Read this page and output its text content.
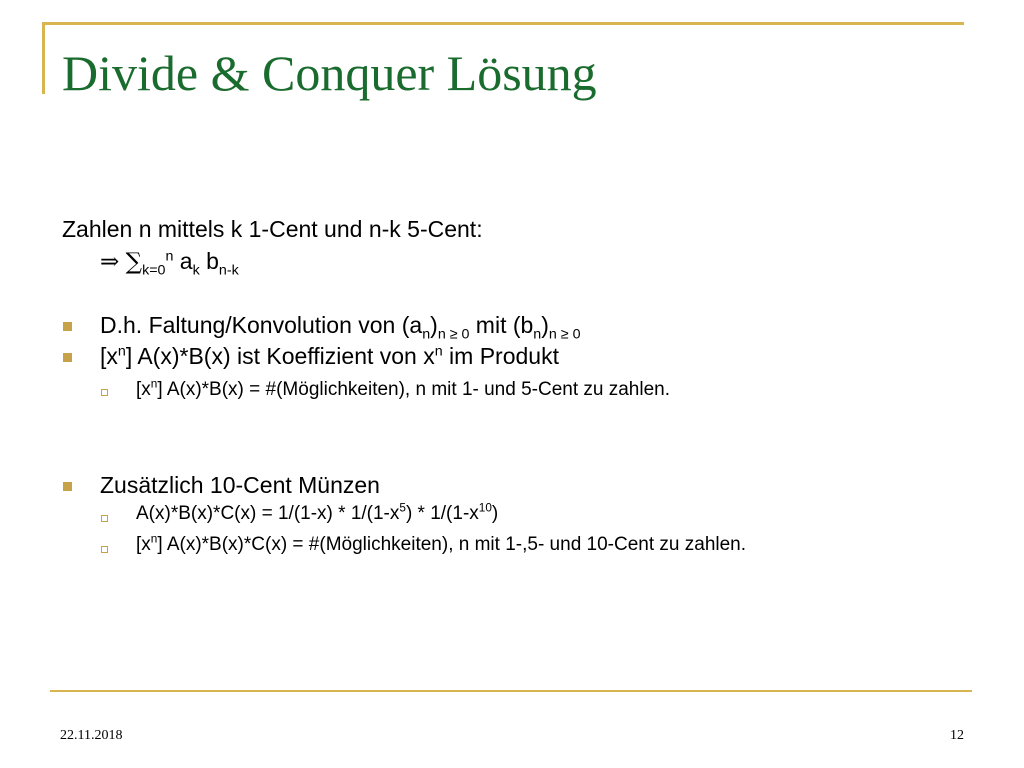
Divide & Conquer Lösung
Zahlen n mittels k 1-Cent und n-k 5-Cent:
⇒ $\sum_{k=0}^n$ $a_k$ $b_{n-k}$
D.h. Faltung/Konvolution von $(a_n)_{n \ge 0}$ mit $(b_n)_{n \ge 0}$
$[x^n]$ A(x)*B(x) ist Koeffizient von $x^n$ im Produkt
$[x^n] A(x)*B(x)$ = #(Möglichkeiten), n mit 1- und 5-Cent zu zahlen.
Zusätzlich 10-Cent Münzen
$A(x)*B(x)*C(x) = 1/(1-x) * 1/(1-x^5) * 1/(1-x^{10})$
$[x^n] A(x)*B(x)*C(x)$ = #(Möglichkeiten), n mit 1-,5- und 10-Cent zu zahlen.
22.11.2018	12
